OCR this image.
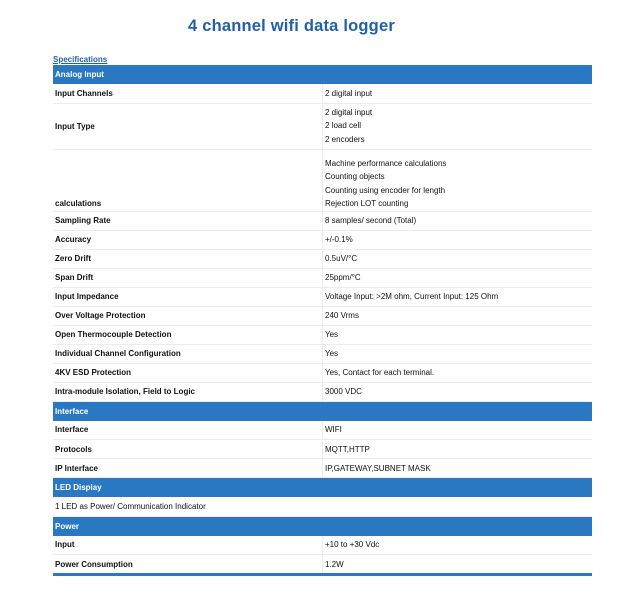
4 channel wifi data logger
Specifications
Analog Input	
Input Channels	2 digital input
Input Type	2 digital input
2 load cell
2 encoders

calculations	Machine performance calculations
Counting objects
Counting using encoder for length
Rejection LOT counting

Sampling Rate	8 samples/ second (Total)
Accuracy	+/-0.1%
Zero Drift	0.5uV/°C
Span Drift	25ppm/°C
Input Impedance	Voltage Input: >2M ohm, Current Input: 125 Ohm
Over Voltage Protection	240 Vrms
Open Thermocouple Detection	Yes
Individual Channel Configuration	Yes
4KV ESD Protection	Yes, Contact for each terminal.
Intra-module Isolation, Field to Logic	3000 VDC
Interface	
Interface	WIFI
Protocols	MQTT,HTTP
IP Interface	IP,GATEWAY,SUBNET MASK
LED Display	
1 LED as Power/ Communication Indicator	
Power	
Input	+10 to +30 Vdc
Power Consumption	1.2W
